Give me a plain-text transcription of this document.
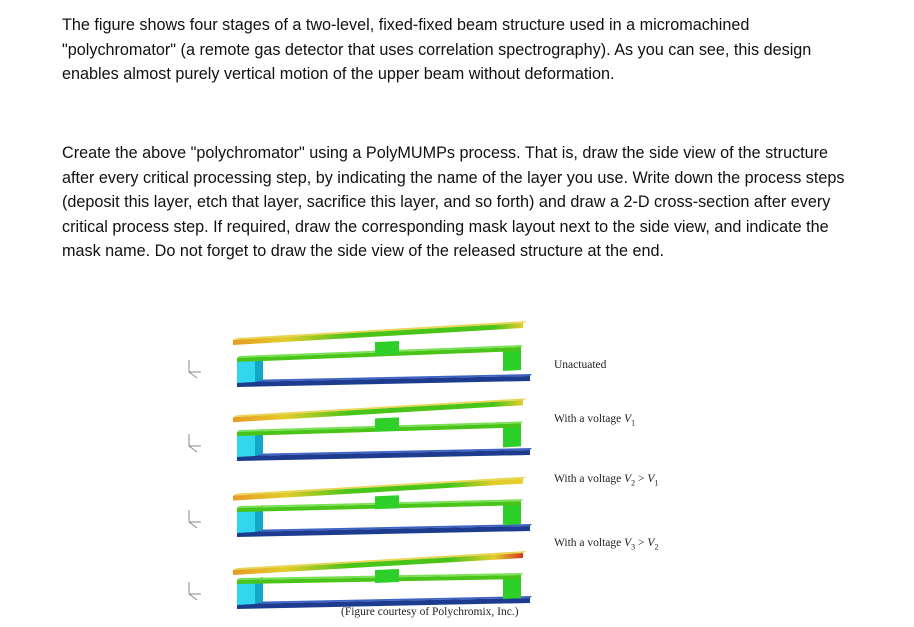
The figure shows four stages of a two-level, fixed-fixed beam structure used in a micromachined "polychromator" (a remote gas detector that uses correlation spectrography). As you can see, this design enables almost purely vertical motion of the upper beam without deformation.

Create the above "polychromator" using a PolyMUMPs process. That is, draw the side view of the structure after every critical processing step, by indicating the name of the layer you use. Write down the process steps (deposit this layer, etch that layer, sacrifice this layer, and so forth) and draw a 2-D cross-section after every critical process step. If required, draw the corresponding mask layout next to the side view, and indicate the mask name. Do not forget to draw the side view of the released structure at the end.

Unactuated
With a voltage $V_1$
With a voltage $V_2 > V_1$
With a voltage $V_3 > V_2$
(Figure courtesy of Polychromix, Inc.)
